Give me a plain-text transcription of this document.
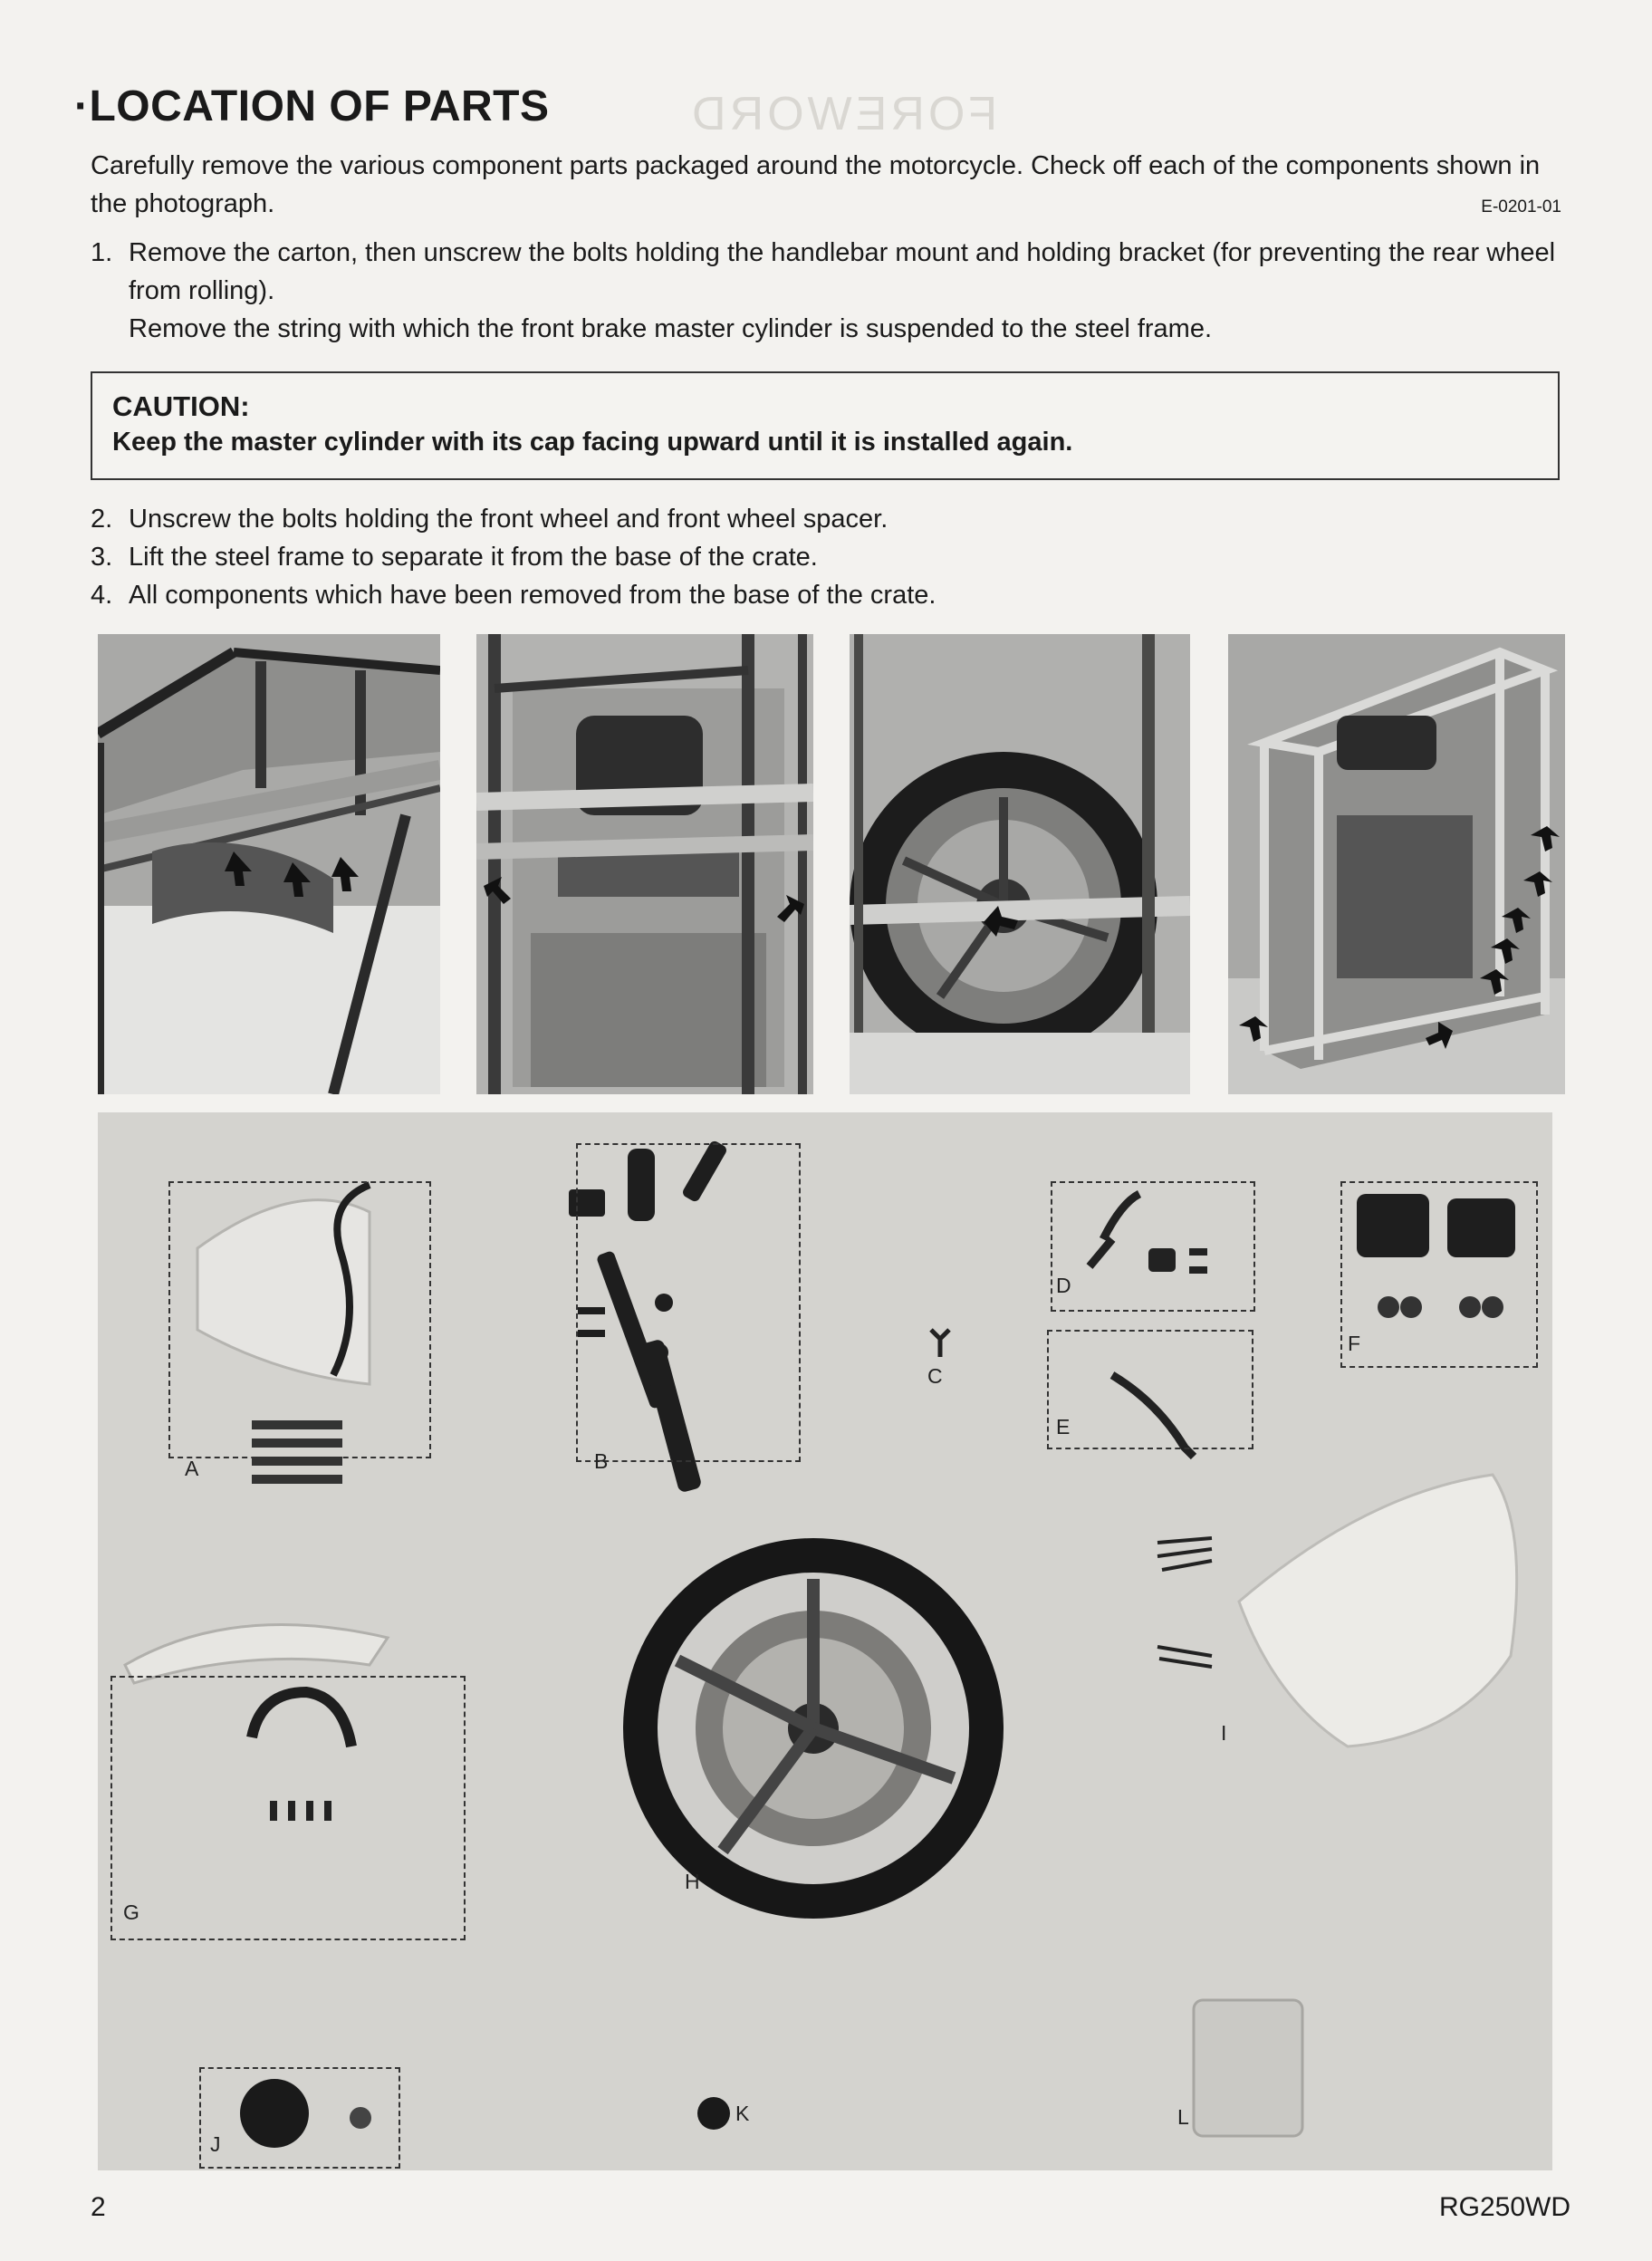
·LOCATION OF PARTS	FOREWORD

Carefully remove the various component parts packaged around the motorcycle. Check off each of the components shown in the photograph.	E-0201-01
1. Remove the carton, then unscrew the bolts holding the handlebar mount and holding bracket (for preventing the rear wheel from rolling).
Remove the string with which the front brake master cylinder is suspended to the steel frame.
CAUTION:
Keep the master cylinder with its cap facing upward until it is installed again.
2. Unscrew the bolts holding the front wheel and front wheel spacer.
3. Lift the steel frame to separate it from the base of the crate.
4. All components which have been removed from the base of the crate.
A	B
C
D
E
F
G
H
I
J
K	L
2	RG250WD
